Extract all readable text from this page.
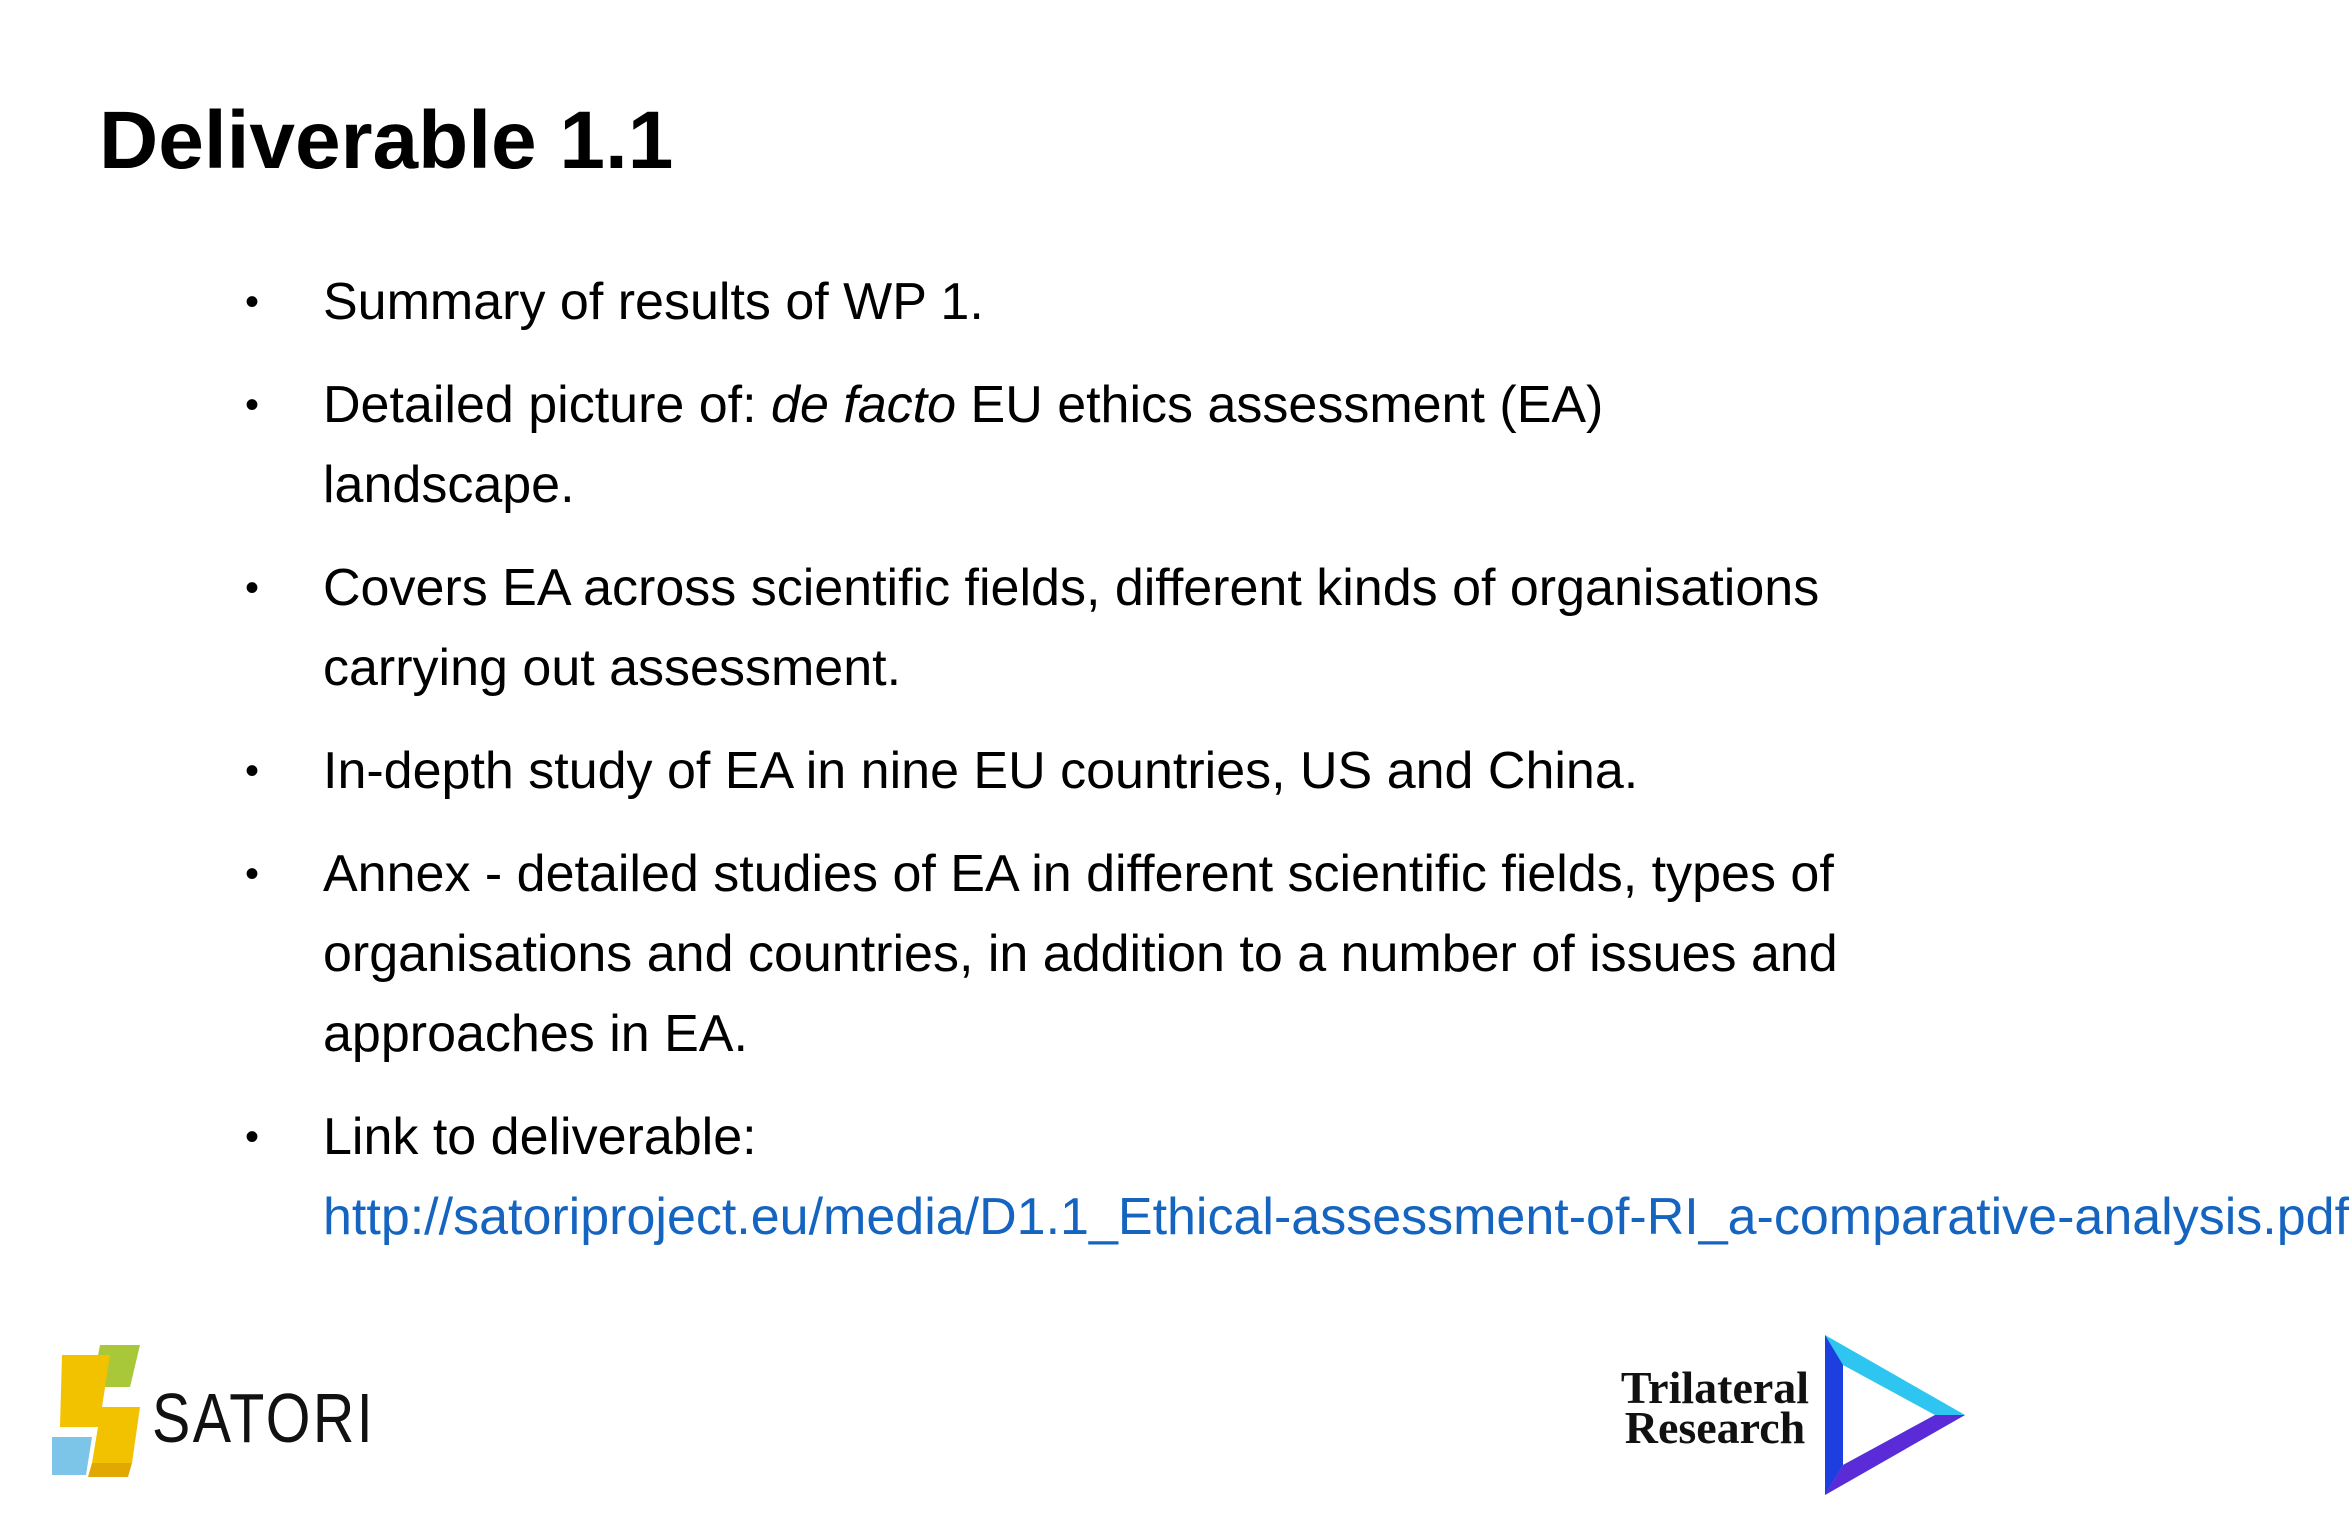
Deliverable 1.1
•	Summary of results of WP 1.
•	Detailed picture of: de facto EU ethics assessment (EA) landscape.
•	Covers EA across scientific fields, different kinds of organisations carrying out assessment.
•	In-depth study of EA in nine EU countries, US and China.
•	Annex - detailed studies of EA in different scientific fields, types of organisations and countries, in addition to a number of issues and approaches in EA.
•	Link to deliverable:
http://satoriproject.eu/media/D1.1_Ethical-assessment-of-RI_a-comparative-analysis.pdf
SATORI	Trilateral
Research
